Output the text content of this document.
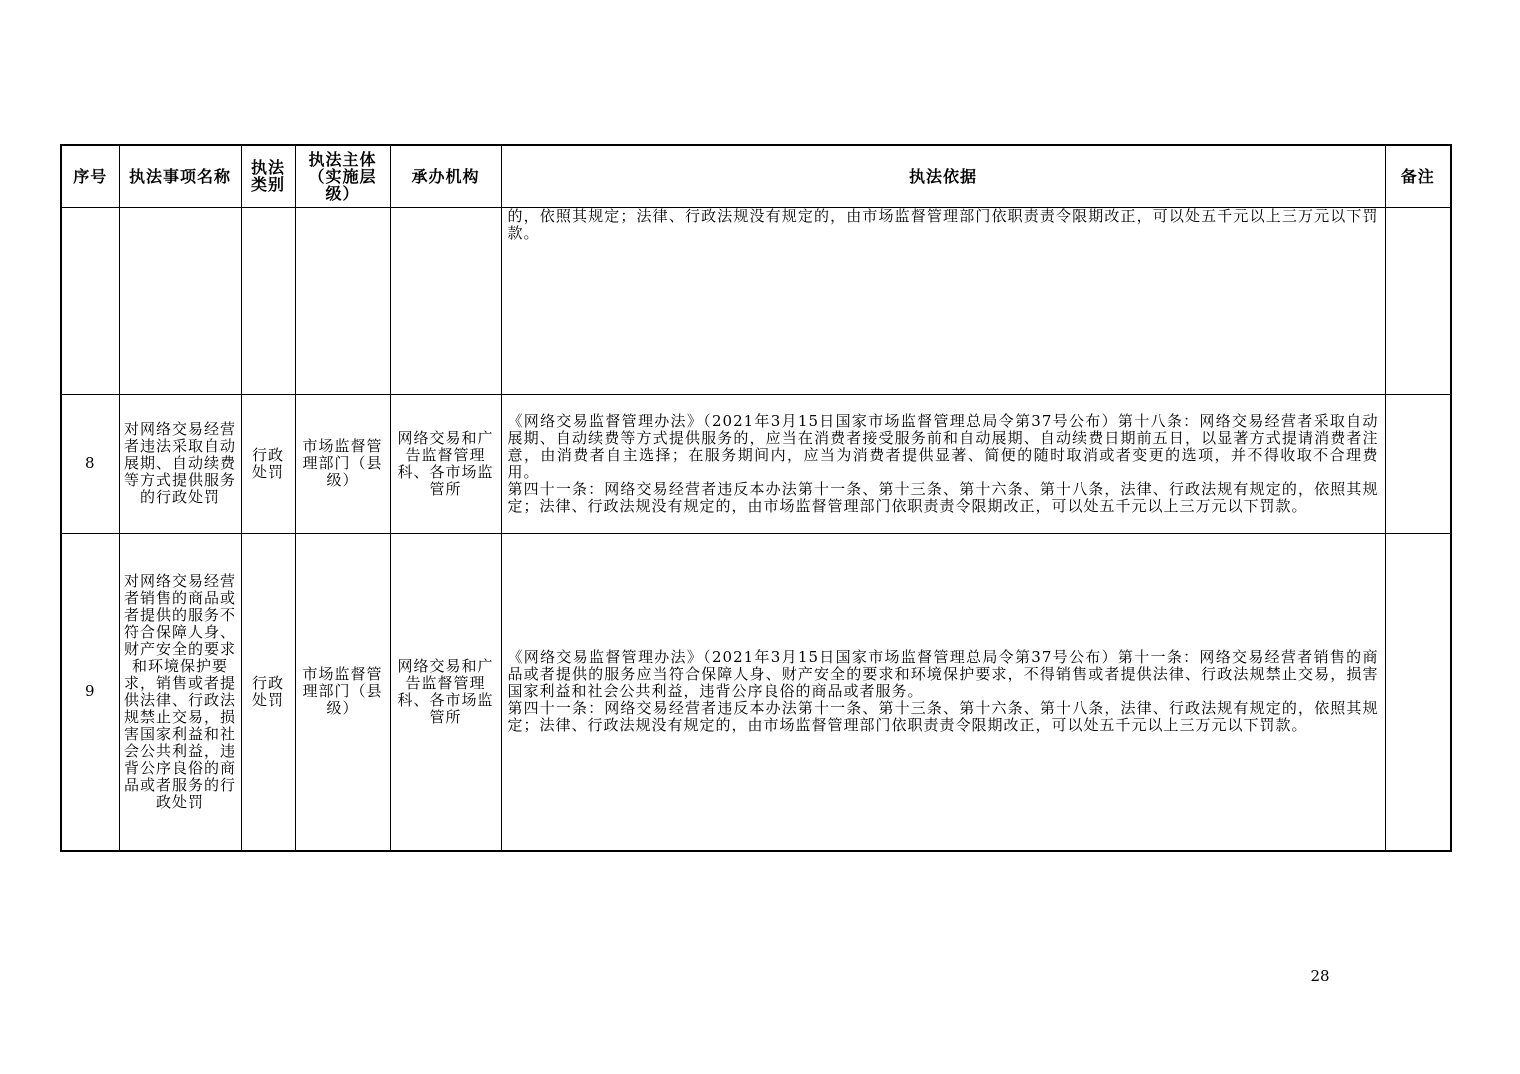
序号	执法事项名称	执法类别	执法主体（实施层级）	承办机构	执法依据	备注
					的，依照其规定；法律、行政法规没有规定的，由市场监督管理部门依职责责令限期改正，可以处五千元以上三万元以下罚款。	
8	对网络交易经营者违法采取自动展期、自动续费等方式提供服务的行政处罚	行政处罚	市场监督管理部门（县级）	网络交易和广告监督管理科、各市场监管所	《网络交易监督管理办法》（2021年3月15日国家市场监督管理总局令第37号公布）第十八条：网络交易经营者采取自动展期、自动续费等方式提供服务的，应当在消费者接受服务前和自动展期、自动续费日期前五日，以显著方式提请消费者注意，由消费者自主选择；在服务期间内，应当为消费者提供显著、简便的随时取消或者变更的选项，并不得收取不合理费用。
第四十一条：网络交易经营者违反本办法第十一条、第十三条、第十六条、第十八条，法律、行政法规有规定的，依照其规定；法律、行政法规没有规定的，由市场监督管理部门依职责责令限期改正，可以处五千元以上三万元以下罚款。	

9	对网络交易经营者销售的商品或者提供的服务不符合保障人身、财产安全的要求和环境保护要求，销售或者提供法律、行政法规禁止交易，损害国家利益和社会公共利益，违背公序良俗的商品或者服务的行政处罚	行政处罚	市场监督管理部门（县级）	网络交易和广告监督管理科、各市场监管所	《网络交易监督管理办法》（2021年3月15日国家市场监督管理总局令第37号公布）第十一条：网络交易经营者销售的商品或者提供的服务应当符合保障人身、财产安全的要求和环境保护要求，不得销售或者提供法律、行政法规禁止交易，损害国家利益和社会公共利益，违背公序良俗的商品或者服务。
第四十一条：网络交易经营者违反本办法第十一条、第十三条、第十六条、第十八条，法律、行政法规有规定的，依照其规定；法律、行政法规没有规定的，由市场监督管理部门依职责责令限期改正，可以处五千元以上三万元以下罚款。	

28
